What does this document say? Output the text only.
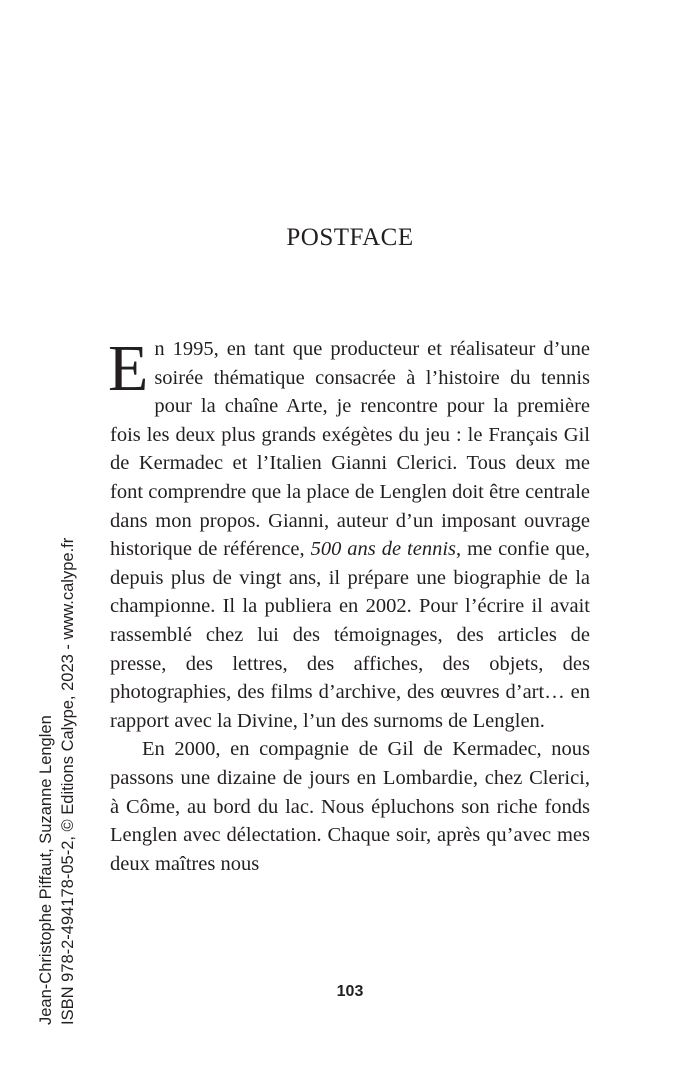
POSTFACE

En 1995, en tant que producteur et réalisateur d’une soirée thématique consacrée à l’histoire du tennis pour la chaîne Arte, je rencontre pour la première fois les deux plus grands exégètes du jeu : le Français Gil de Kermadec et l’Italien Gianni Clerici. Tous deux me font comprendre que la place de Lenglen doit être centrale dans mon propos. Gianni, auteur d’un imposant ouvrage historique de référence, 500 ans de tennis, me confie que, depuis plus de vingt ans, il prépare une biographie de la championne. Il la publiera en 2002. Pour l’écrire il avait rassemblé chez lui des témoignages, des articles de presse, des lettres, des affiches, des objets, des photographies, des films d’archive, des œuvres d’art… en rapport avec la Divine, l’un des surnoms de Lenglen.

En 2000, en compagnie de Gil de Kermadec, nous passons une dizaine de jours en Lombardie, chez Clerici, à Côme, au bord du lac. Nous épluchons son riche fonds Lenglen avec délectation. Chaque soir, après qu’avec mes deux maîtres nous

103
Jean-Christophe Piffaut, Suzanne Lenglen ISBN 978-2-494178-05-2, © Editions Calype, 2023 - www.calype.fr
